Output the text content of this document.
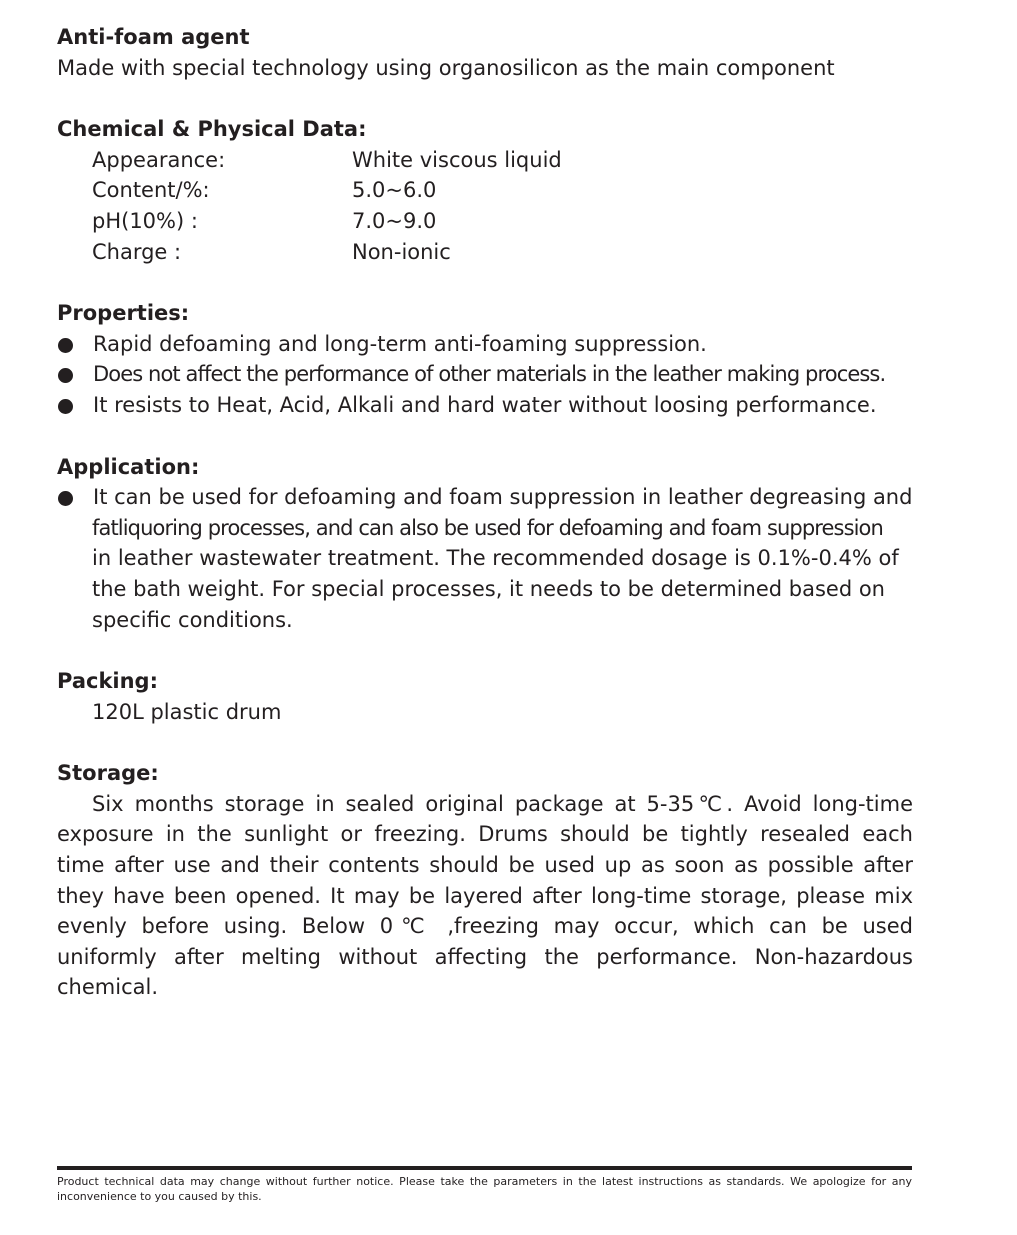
Anti-foam agent
Made with special technology using organosilicon as the main component
Chemical & Physical Data:
Appearance:	White viscous liquid
Content/%:	5.0~6.0
pH(10%) :	7.0~9.0
Charge :	Non-ionic
Properties:
Rapid defoaming and long-term anti-foaming suppression.
Does not affect the performance of other materials in the leather making process.
It resists to Heat, Acid, Alkali and hard water without loosing performance.
Application:
It can be used for defoaming and foam suppression in leather degreasing and
fatliquoring processes, and can also be used for defoaming and foam suppression
in leather wastewater treatment. The recommended dosage is 0.1%-0.4% of
the bath weight. For special processes, it needs to be determined based on
specific conditions.
Packing:
120L plastic drum
Storage:
Six months storage in sealed original package at 5-35℃. Avoid long-time
exposure in the sunlight or freezing. Drums should be tightly resealed each
time after use and their contents should be used up as soon as possible after
they have been opened. It may be layered after long-time storage, please mix
evenly before using. Below 0℃ ,freezing may occur, which can be used
uniformly after melting without affecting the performance. Non-hazardous
chemical.
Product technical data may change without further notice. Please take the parameters in the latest instructions as standards. We apologize for any inconvenience to you caused by this.
